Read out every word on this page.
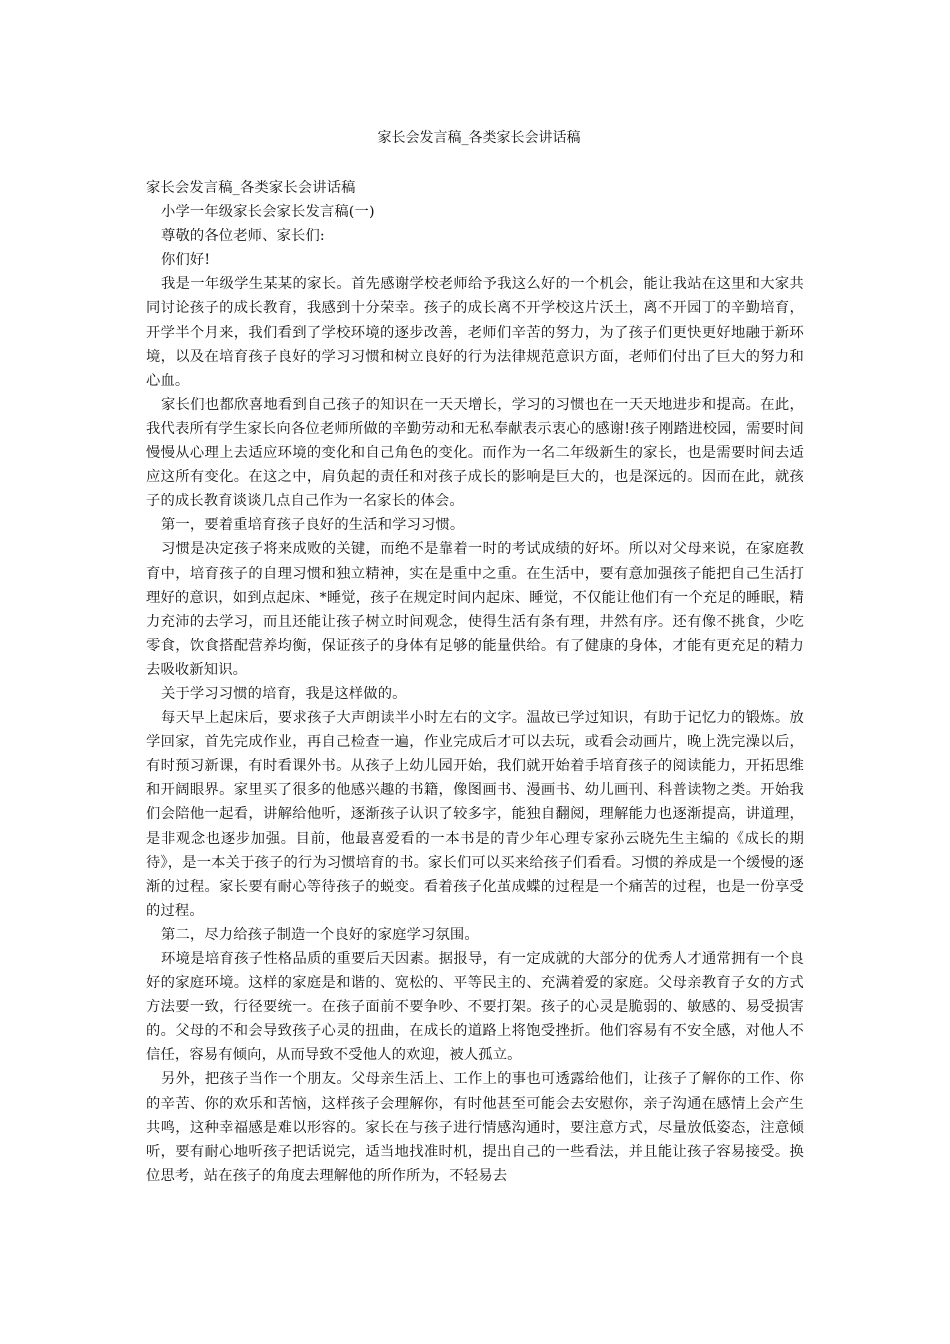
家长会发言稿_各类家长会讲话稿

家长会发言稿_各类家长会讲话稿

小学一年级家长会家长发言稿(一)

尊敬的各位老师、家长们:

你们好!

我是一年级学生某某的家长。首先感谢学校老师给予我这么好的一个机会，能让我站在这里和大家共同讨论孩子的成长教育，我感到十分荣幸。孩子的成长离不开学校这片沃土，离不开园丁的辛勤培育，开学半个月来，我们看到了学校环境的逐步改善，老师们辛苦的努力，为了孩子们更快更好地融于新环境，以及在培育孩子良好的学习习惯和树立良好的行为法律规范意识方面，老师们付出了巨大的努力和心血。

家长们也都欣喜地看到自己孩子的知识在一天天增长，学习的习惯也在一天天地进步和提高。在此，我代表所有学生家长向各位老师所做的辛勤劳动和无私奉献表示衷心的感谢!孩子刚踏进校园，需要时间慢慢从心理上去适应环境的变化和自己角色的变化。而作为一名二年级新生的家长，也是需要时间去适应这所有变化。在这之中，肩负起的责任和对孩子成长的影响是巨大的，也是深远的。因而在此，就孩子的成长教育谈谈几点自己作为一名家长的体会。

第一，要着重培育孩子良好的生活和学习习惯。

习惯是决定孩子将来成败的关键，而绝不是靠着一时的考试成绩的好坏。所以对父母来说，在家庭教育中，培育孩子的自理习惯和独立精神，实在是重中之重。在生活中，要有意加强孩子能把自己生活打理好的意识，如到点起床、*睡觉，孩子在规定时间内起床、睡觉，不仅能让他们有一个充足的睡眠，精力充沛的去学习，而且还能让孩子树立时间观念，使得生活有条有理，井然有序。还有像不挑食，少吃零食，饮食搭配营养均衡，保证孩子的身体有足够的能量供给。有了健康的身体，才能有更充足的精力去吸收新知识。

关于学习习惯的培育，我是这样做的。

每天早上起床后，要求孩子大声朗读半小时左右的文字。温故已学过知识，有助于记忆力的锻炼。放学回家，首先完成作业，再自己检查一遍，作业完成后才可以去玩，或看会动画片，晚上洗完澡以后，有时预习新课，有时看课外书。从孩子上幼儿园开始，我们就开始着手培育孩子的阅读能力，开拓思维和开阔眼界。家里买了很多的他感兴趣的书籍，像图画书、漫画书、幼儿画刊、科普读物之类。开始我们会陪他一起看，讲解给他听，逐渐孩子认识了较多字，能独自翻阅，理解能力也逐渐提高，讲道理，是非观念也逐步加强。目前，他最喜爱看的一本书是的青少年心理专家孙云晓先生主编的《成长的期待》，是一本关于孩子的行为习惯培育的书。家长们可以买来给孩子们看看。习惯的养成是一个缓慢的逐渐的过程。家长要有耐心等待孩子的蜕变。看着孩子化茧成蝶的过程是一个痛苦的过程，也是一份享受的过程。

第二，尽力给孩子制造一个良好的家庭学习氛围。

环境是培育孩子性格品质的重要后天因素。据报导，有一定成就的大部分的优秀人才通常拥有一个良好的家庭环境。这样的家庭是和谐的、宽松的、平等民主的、充满着爱的家庭。父母亲教育子女的方式方法要一致，行径要统一。在孩子面前不要争吵、不要打架。孩子的心灵是脆弱的、敏感的、易受损害的。父母的不和会导致孩子心灵的扭曲，在成长的道路上将饱受挫折。他们容易有不安全感，对他人不信任，容易有倾向，从而导致不受他人的欢迎，被人孤立。

另外，把孩子当作一个朋友。父母亲生活上、工作上的事也可透露给他们，让孩子了解你的工作、你的辛苦、你的欢乐和苦恼，这样孩子会理解你，有时他甚至可能会去安慰你，亲子沟通在感情上会产生共鸣，这种幸福感是难以形容的。家长在与孩子进行情感沟通时，要注意方式，尽量放低姿态，注意倾听，要有耐心地听孩子把话说完，适当地找准时机，提出自己的一些看法，并且能让孩子容易接受。换位思考，站在孩子的角度去理解他的所作所为，不轻易去
